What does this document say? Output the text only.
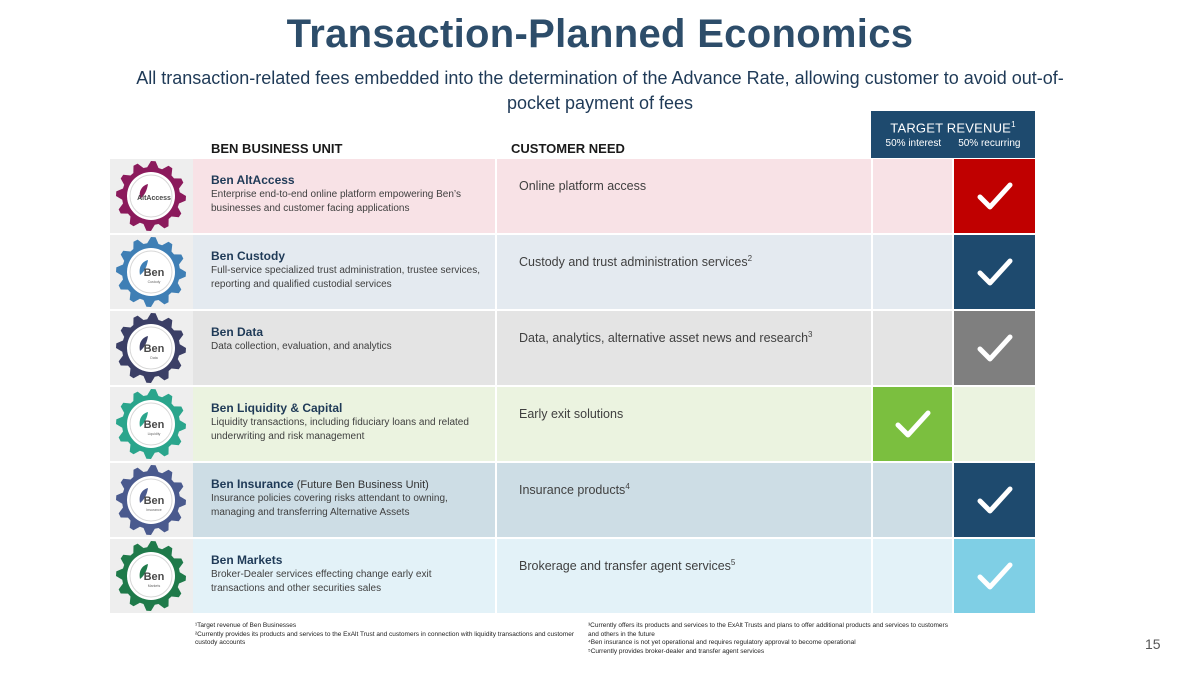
Transaction-Planned Economics
All transaction-related fees embedded into the determination of the Advance Rate, allowing customer to avoid out-of-pocket payment of fees
TARGET REVENUE$^1$
50% interest 50% recurring
BEN BUSINESS UNIT	CUSTOMER NEED
AltAccess
Ben AltAccess
Enterprise end-to-end online platform empowering Ben’s businesses and customer facing applications
Online platform access
Ben
Custody
Ben Custody
Full-service specialized trust administration, trustee services, reporting and qualified custodial services
Custody and trust administration services$^2$
Ben
Data
Ben Data
Data collection, evaluation, and analytics
Data, analytics, alternative asset news and research$^3$
Ben
Liquidity
Ben Liquidity & Capital
Liquidity transactions, including fiduciary loans and related underwriting and risk management
Early exit solutions
Ben
Insurance
Ben Insurance (Future Ben Business Unit)
Insurance policies covering risks attendant to owning, managing and transferring Alternative Assets
Insurance products$^4$
Ben
Markets
Ben Markets
Broker-Dealer services effecting change early exit transactions and other securities sales
Brokerage and transfer agent services$^5$
¹Target revenue of Ben Businesses
²Currently provides its products and services to the ExAlt Trust and customers in connection with liquidity transactions and customer custody accounts
³Currently offers its products and services to the ExAlt Trusts and plans to offer additional products and services to customers and others in the future
⁴Ben insurance is not yet operational and requires regulatory approval to become operational
⁵Currently provides broker-dealer and transfer agent services	15
